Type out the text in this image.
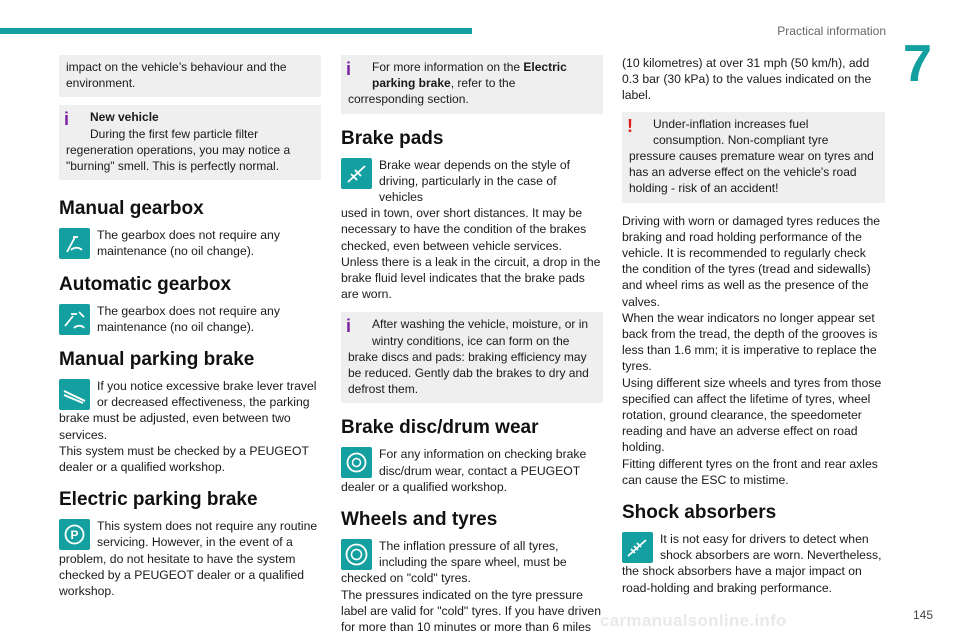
Practical information
7
impact on the vehicle’s behaviour and the environment.
i	New vehicle
During the first few particle filter
regeneration operations, you may notice a "burning" smell. This is perfectly normal.
Manual gearbox

The gearbox does not require any maintenance (no oil change).

Automatic gearbox

The gearbox does not require any maintenance (no oil change).

Manual parking brake

If you notice excessive brake lever travel or decreased effectiveness, the parking

brake must be adjusted, even between two services.

This system must be checked by a PEUGEOT dealer or a qualified workshop.

Electric parking brake
P

This system does not require any routine servicing. However, in the event of a

problem, do not hesitate to have the system checked by a PEUGEOT dealer or a qualified workshop.

i	For more information on the Electric parking brake, refer to the
corresponding section.
Brake pads

Brake wear depends on the style of driving, particularly in the case of vehicles

used in town, over short distances. It may be necessary to have the condition of the brakes checked, even between vehicle services.

Unless there is a leak in the circuit, a drop in the brake fluid level indicates that the brake pads are worn.

i	After washing the vehicle, moisture, or in wintry conditions, ice can form on the
brake discs and pads: braking efficiency may be reduced. Gently dab the brakes to dry and defrost them.
Brake disc/drum wear

For any information on checking brake disc/drum wear, contact a PEUGEOT

dealer or a qualified workshop.

Wheels and tyres

The inflation pressure of all tyres, including the spare wheel, must be

checked on "cold" tyres.

The pressures indicated on the tyre pressure label are valid for "cold" tyres. If you have driven for more than 10 minutes or more than 6 miles

(10 kilometres) at over 31 mph (50 km/h), add 0.3 bar (30 kPa) to the values indicated on the label.

!	Under-inflation increases fuel consumption. Non-compliant tyre
pressure causes premature wear on tyres and has an adverse effect on the vehicle's road holding - risk of an accident!

Driving with worn or damaged tyres reduces the braking and road holding performance of the vehicle. It is recommended to regularly check the condition of the tyres (tread and sidewalls) and wheel rims as well as the presence of the valves.

When the wear indicators no longer appear set back from the tread, the depth of the grooves is less than 1.6 mm; it is imperative to replace the tyres.

Using different size wheels and tyres from those specified can affect the lifetime of tyres, wheel rotation, ground clearance, the speedometer reading and have an adverse effect on road holding.

Fitting different tyres on the front and rear axles can cause the ESC to mistime.

Shock absorbers

It is not easy for drivers to detect when shock absorbers are worn. Nevertheless,

the shock absorbers have a major impact on road-holding and braking performance.

carmanualsonline.info	145
